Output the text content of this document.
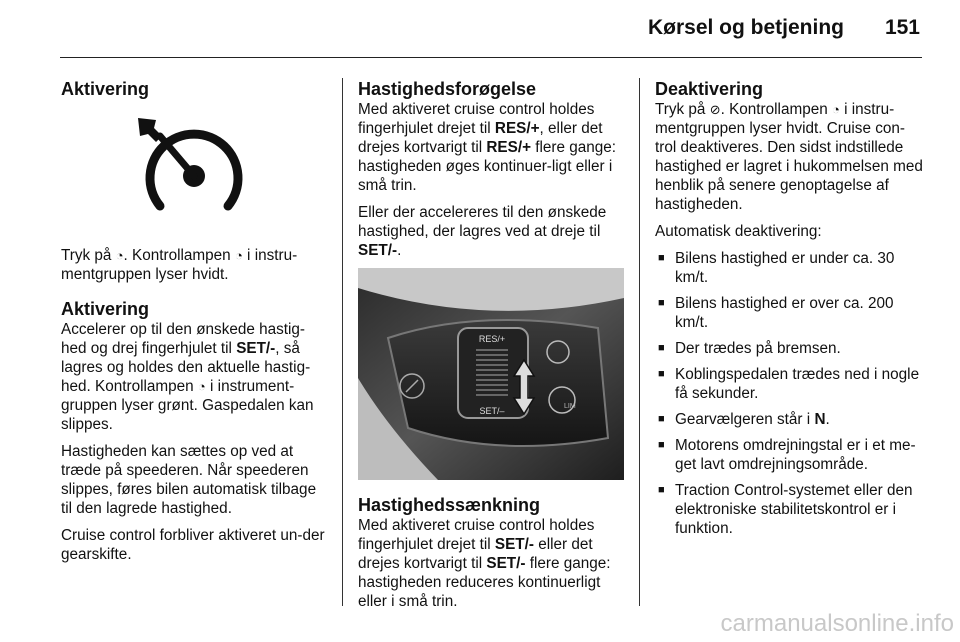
Kørsel og betjening 151
Aktivering

Tryk på ◔. Kontrollampen ◔ i instru-mentgruppen lyser hvidt.

Aktivering

Accelerer op til den ønskede hastig-hed og drej fingerhjulet til SET/-, så lagres og holdes den aktuelle hastig-hed. Kontrollampen ◔ i instrument-gruppen lyser grønt. Gaspedalen kan slippes.

Hastigheden kan sættes op ved at træde på speederen. Når speederen slippes, føres bilen automatisk tilbage til den lagrede hastighed.

Cruise control forbliver aktiveret un-der gearskifte.

Hastighedsforøgelse

Med aktiveret cruise control holdes fingerhjulet drejet til RES/+, eller det drejes kortvarigt til RES/+ flere gange: hastigheden øges kontinuer-ligt eller i små trin.

Eller der accelereres til den ønskede hastighed, der lagres ved at dreje til SET/-.

RES/+
SET/–	LIM
Hastighedssænkning

Med aktiveret cruise control holdes fingerhjulet drejet til SET/- eller det drejes kortvarigt til SET/- flere gange: hastigheden reduceres kontinuerligt eller i små trin.

Deaktivering

Tryk på ⊘. Kontrollampen ◔ i instru-mentgruppen lyser hvidt. Cruise con-trol deaktiveres. Den sidst indstillede hastighed er lagret i hukommelsen med henblik på senere genoptagelse af hastigheden.

Automatisk deaktivering:

■ Bilens hastighed er under ca. 30 km/t.
■ Bilens hastighed er over ca. 200 km/t.
■ Der trædes på bremsen.
■ Koblingspedalen trædes ned i nogle få sekunder.
■ Gearvælgeren står i N.
■ Motorens omdrejningstal er i et me-get lavt omdrejningsområde.
■ Traction Control-systemet eller den elektroniske stabilitetskontrol er i funktion.
carmanualsonline.info
